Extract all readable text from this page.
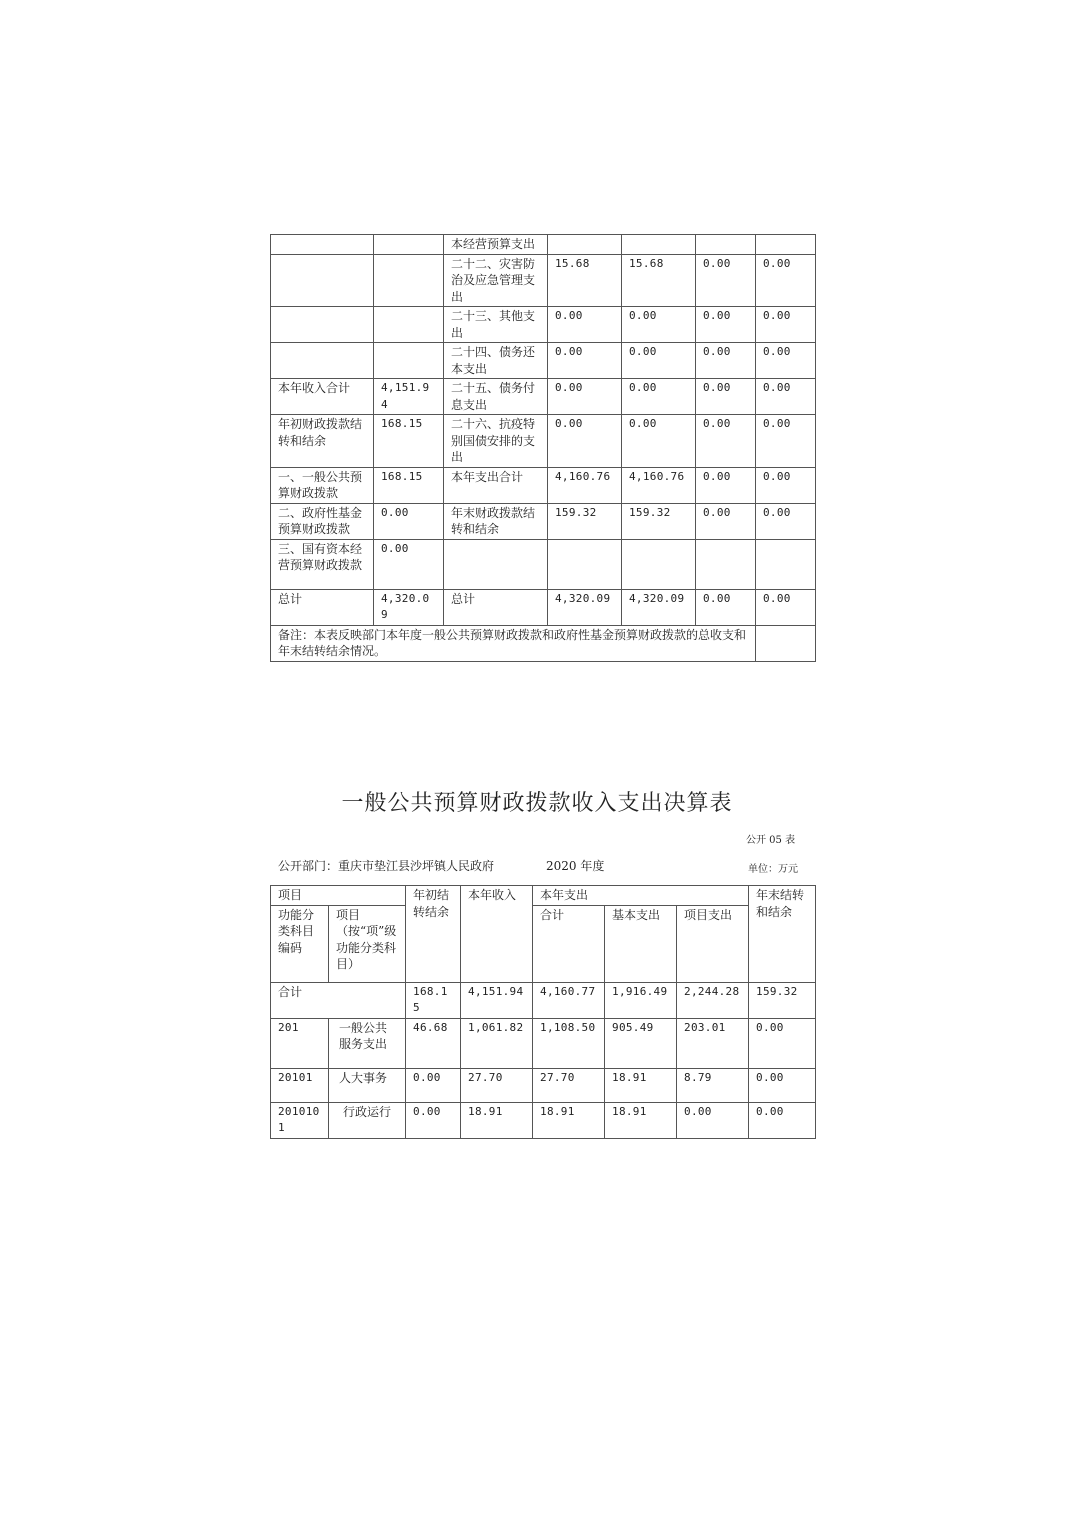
		本经营预算支出				
		二十二、灾害防治及应急管理支出	15.68	15.68	0.00	0.00
		二十三、其他支出	0.00	0.00	0.00	0.00
		二十四、债务还本支出	0.00	0.00	0.00	0.00
本年收入合计	4,151.94	二十五、债务付息支出	0.00	0.00	0.00	0.00
年初财政拨款结转和结余	168.15	二十六、抗疫特别国债安排的支出	0.00	0.00	0.00	0.00
一、一般公共预算财政拨款	168.15	本年支出合计	4,160.76	4,160.76	0.00	0.00
二、政府性基金预算财政拨款	0.00	年末财政拨款结转和结余	159.32	159.32	0.00	0.00
三、国有资本经营预算财政拨款	0.00					
总计	4,320.09	总计	4,320.09	4,320.09	0.00	0.00
备注：本表反映部门本年度一般公共预算财政拨款和政府性基金预算财政拨款的总收支和年末结转结余情况。						
一般公共预算财政拨款收入支出决算表
公开 05 表
公开部门：重庆市垫江县沙坪镇人民政府	2020 年度	单位：万元
项目		年初结转结余	本年收入	本年支出			年末结转和结余
功能分类科目编码	项目（按“项”级功能分类科目）			合计	基本支出	项目支出	
合计		168.15	4,151.94	4,160.77	1,916.49	2,244.28	159.32
201	一般公共服务支出	46.68	1,061.82	1,108.50	905.49	203.01	0.00
20101	人大事务	0.00	27.70	27.70	18.91	8.79	0.00
2010101	行政运行	0.00	18.91	18.91	18.91	0.00	0.00
